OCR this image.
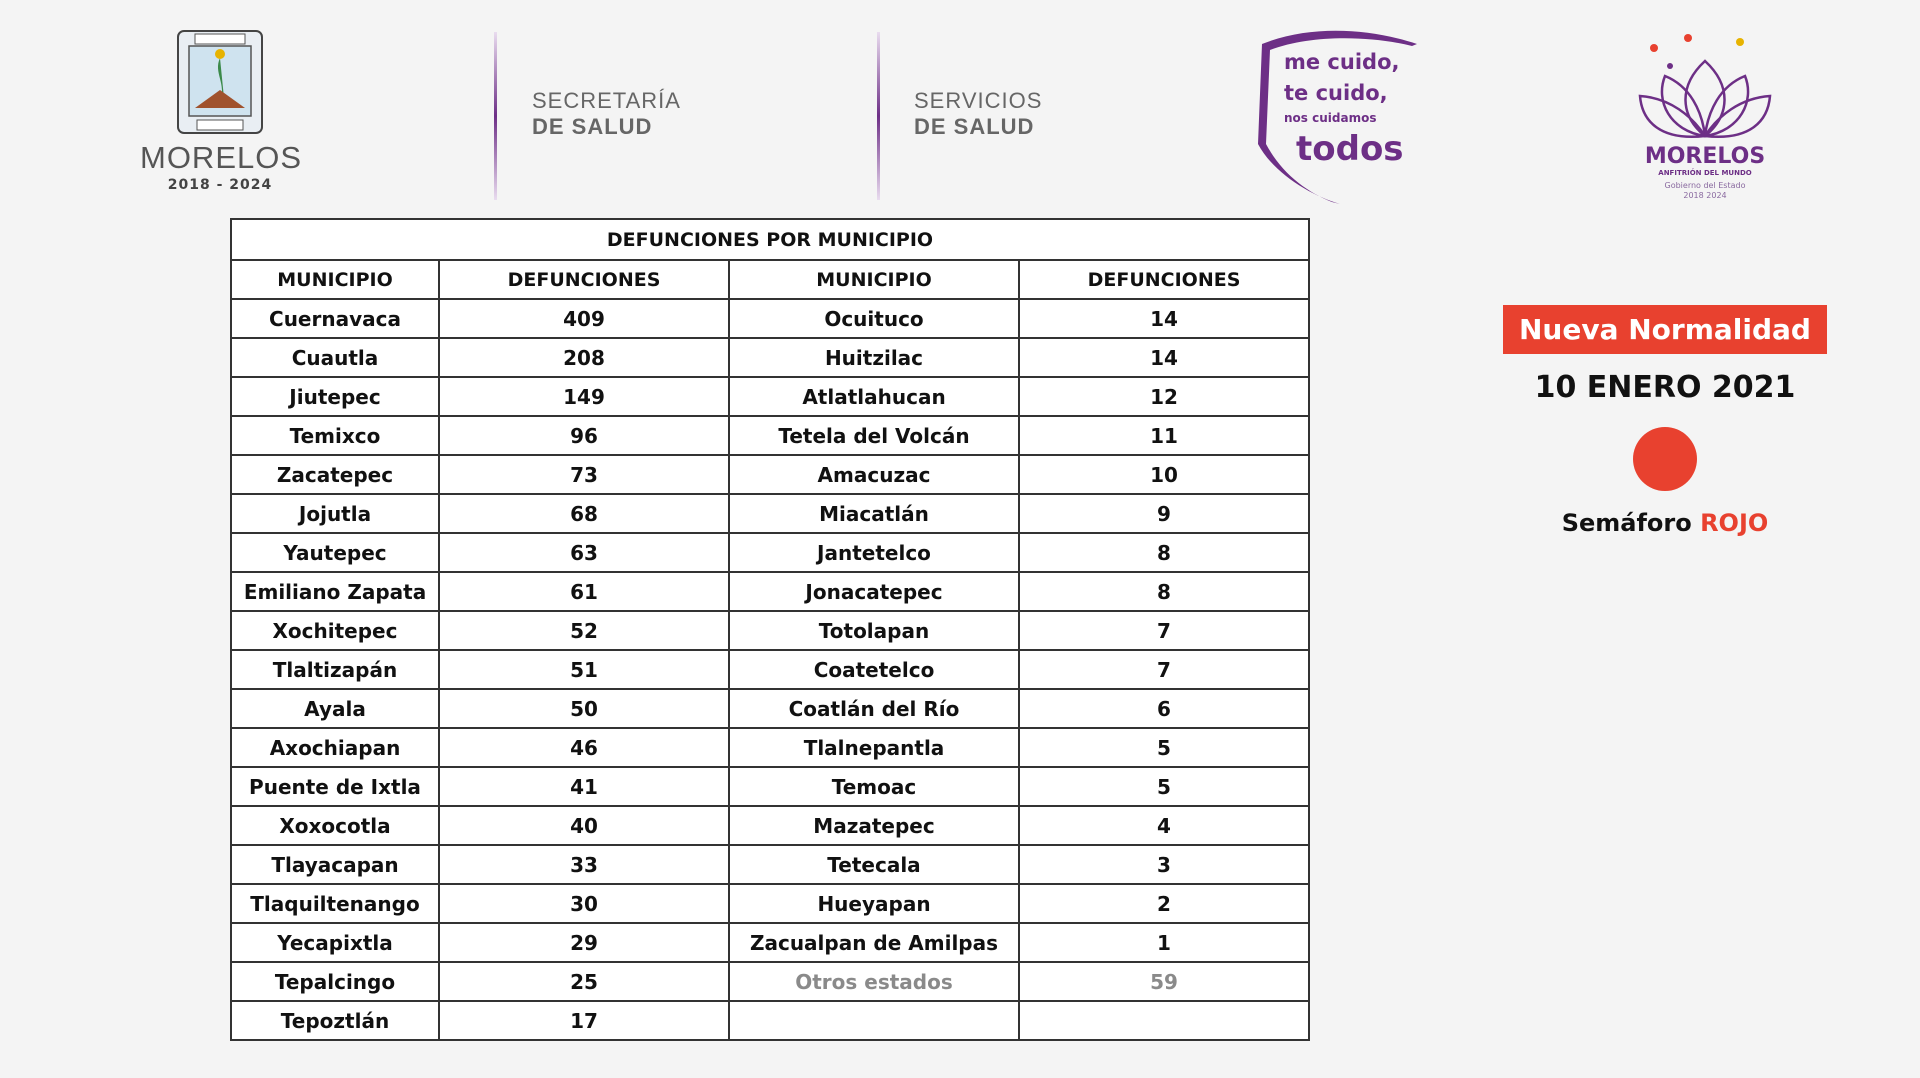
MORELOS
2018 - 2024
SECRETARÍA
DE SALUD
SERVICIOS
DE SALUD
me cuido,
te cuido,
nos cuidamos
todos	MORELOS
ANFITRIÓN DEL MUNDO
Gobierno del Estado
2018 2024
DEFUNCIONES POR MUNICIPIO			
MUNICIPIO	DEFUNCIONES	MUNICIPIO	DEFUNCIONES
Cuernavaca	409	Ocuituco	14
Cuautla	208	Huitzilac	14
Jiutepec	149	Atlatlahucan	12
Temixco	96	Tetela del Volcán	11
Zacatepec	73	Amacuzac	10
Jojutla	68	Miacatlán	9
Yautepec	63	Jantetelco	8
Emiliano Zapata	61	Jonacatepec	8
Xochitepec	52	Totolapan	7
Tlaltizapán	51	Coatetelco	7
Ayala	50	Coatlán del Río	6
Axochiapan	46	Tlalnepantla	5
Puente de Ixtla	41	Temoac	5
Xoxocotla	40	Mazatepec	4
Tlayacapan	33	Tetecala	3
Tlaquiltenango	30	Hueyapan	2
Yecapixtla	29	Zacualpan de Amilpas	1
Tepalcingo	25	Otros estados	59
Tepoztlán	17		
Nueva Normalidad
10 ENERO 2021
Semáforo ROJO
